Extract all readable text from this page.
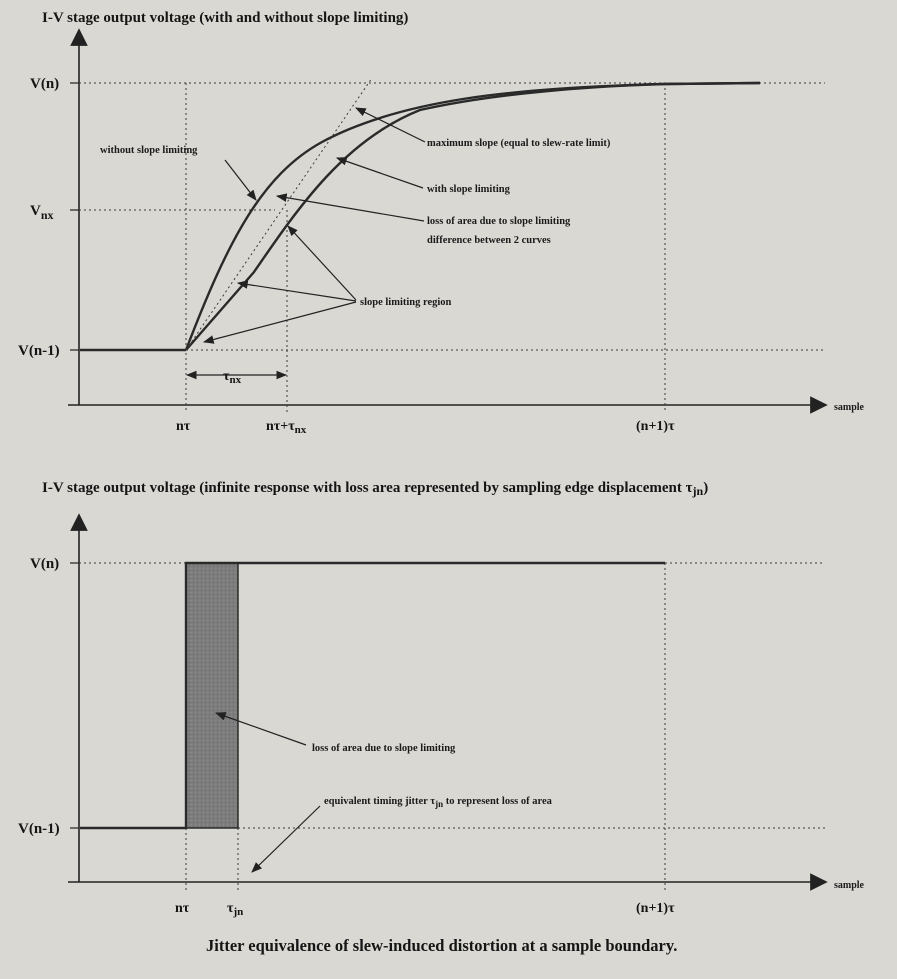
I-V stage output voltage (with and without slope limiting)
sample
V(n)
$V_{nx}$
V(n-1)
nτ	$n\tau+\tau_{nx}$	(n+1)τ
$\tau_{nx}$
without slope limiting
maximum slope (equal to slew-rate limit)
with slope limiting
loss of area due to slope limiting
difference between 2 curves
slope limiting region
I-V stage output voltage (infinite response with loss area represented by sampling edge displacement $\tau_{jn}$)
sample
V(n)
V(n-1)
nτ	$\tau_{jn}$	(n+1)τ
loss of area due to slope limiting
equivalent timing jitter τjn to represent loss of area
Jitter equivalence of slew-induced distortion at a sample boundary.
